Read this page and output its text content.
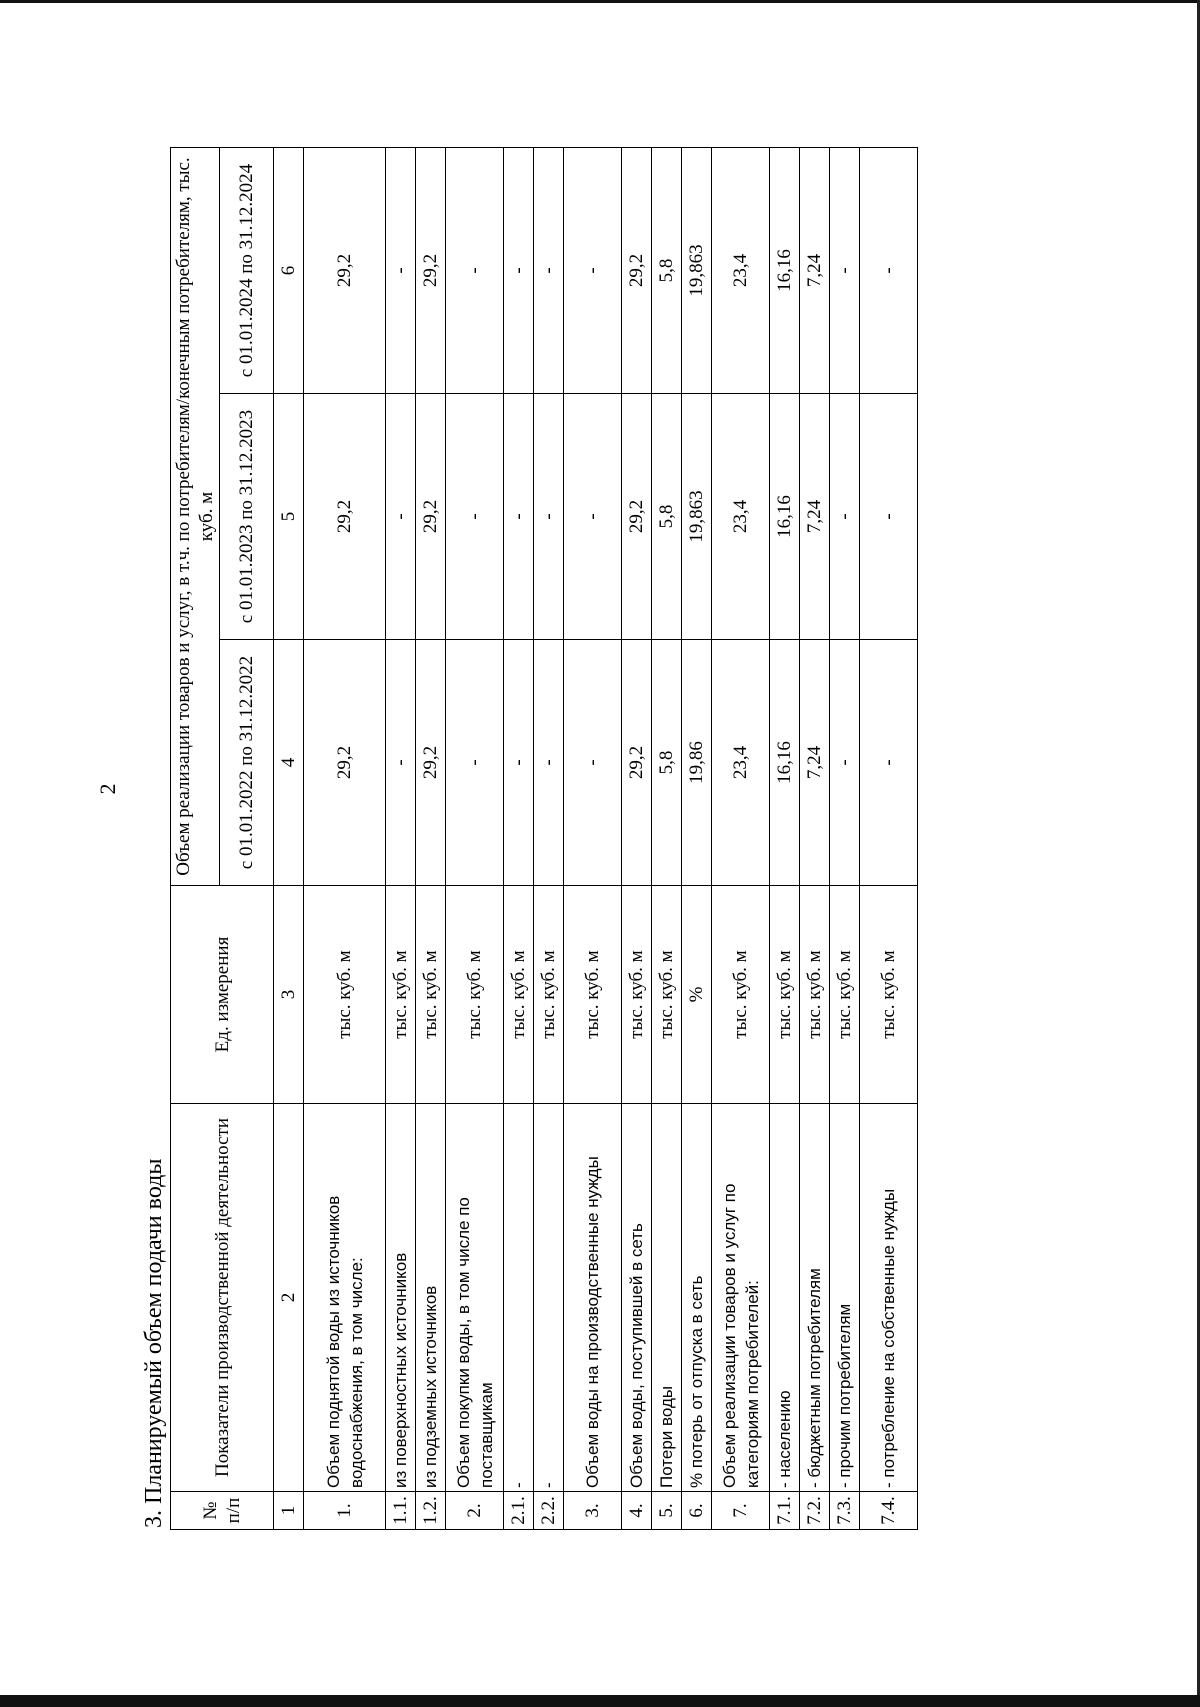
2
3. Планируемый объем подачи воды № п/п	Показатели производственной деятельности	Ед. измерения	Объем реализации товаров и услуг, в т.ч. по потребителям/конечным потребителям, тыс. куб. м		
			с 01.01.2022 по 31.12.2022	с 01.01.2023 по 31.12.2023	с 01.01.2024 по 31.12.2024
1	2	3	4	5	6
1.	Объем поднятой воды из источников водоснабжения, в том числе:	тыс. куб. м	29,2	29,2	29,2
1.1.	из поверхностных источников	тыс. куб. м	-	-	-
1.2.	из подземных источников	тыс. куб. м	29,2	29,2	29,2
2.	Объем покупки воды, в том числе по поставщикам	тыс. куб. м	-	-	-
2.1.	-	тыс. куб. м	-	-	-
2.2.	-	тыс. куб. м	-	-	-
3.	Объем воды на производственные нужды	тыс. куб. м	-	-	-
4.	Объем воды, поступившей в сеть	тыс. куб. м	29,2	29,2	29,2
5.	Потери воды	тыс. куб. м	5,8	5,8	5,8
6.	% потерь от отпуска в сеть	%	19,86	19,863	19,863
7.	Объем реализации товаров и услуг по категориям потребителей:	тыс. куб. м	23,4	23,4	23,4
7.1.	- населению	тыс. куб. м	16,16	16,16	16,16
7.2.	- бюджетным потребителям	тыс. куб. м	7,24	7,24	7,24
7.3.	- прочим потребителям	тыс. куб. м	-	-	-
7.4.	- потребление на собственные нужды	тыс. куб. м	-	-	-
